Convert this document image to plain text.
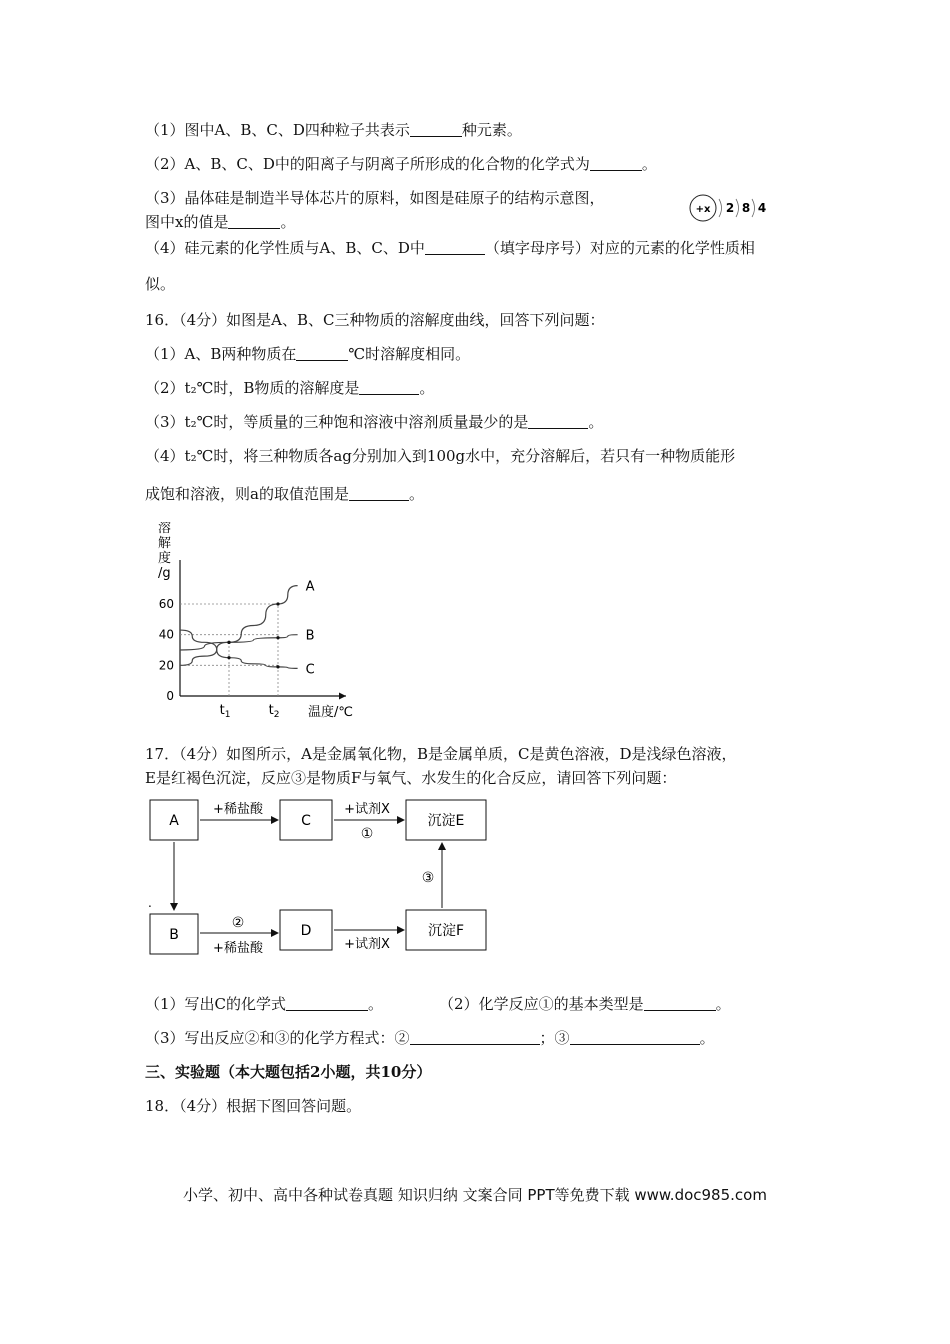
（1）图中A、B、C、D四种粒子共表示	种元素。
（2）A、B、C、D中的阳离子与阴离子所形成的化合物的化学式为	。
（3）晶体硅是制造半导体芯片的原料，如图是硅原子的结构示意图，
图中x的值是	。
+x 2 8 4
（4）硅元素的化学性质与A、B、C、D中	（填字母序号）对应的元素的化学性质相
似。
16．（4分）如图是A、B、C三种物质的溶解度曲线，回答下列问题：
（1）A、B两种物质在	℃时溶解度相同。
（2）t₂℃时，B物质的溶解度是	。
（3）t₂℃时，等质量的三种饱和溶液中溶剂质量最少的是	。
（4）t₂℃时，将三种物质各ag分别加入到100g水中，充分溶解后，若只有一种物质能形
成饱和溶液，则a的取值范围是	。
溶解度/g
温度/℃
0
20
40
60
$t_1$	$t_2$
A
B
C
17．（4分）如图所示，A是金属氧化物，B是金属单质，C是黄色溶液，D是浅绿色溶液，
E是红褐色沉淀，反应③是物质F与氧气、水发生的化合反应，请回答下列问题：
A	C	沉淀E
B	D	沉淀F
+稀盐酸	+试剂X
①
.
②
+稀盐酸	+试剂X
③
（1）写出C的化学式	。	（2）化学反应①的基本类型是	。
（3）写出反应②和③的化学方程式：②	；③	。
三、实验题（本大题包括2小题，共10分）
18．（4分）根据下图回答问题。
小学、初中、高中各种试卷真题 知识归纳 文案合同 PPT等免费下载 www.doc985.com
